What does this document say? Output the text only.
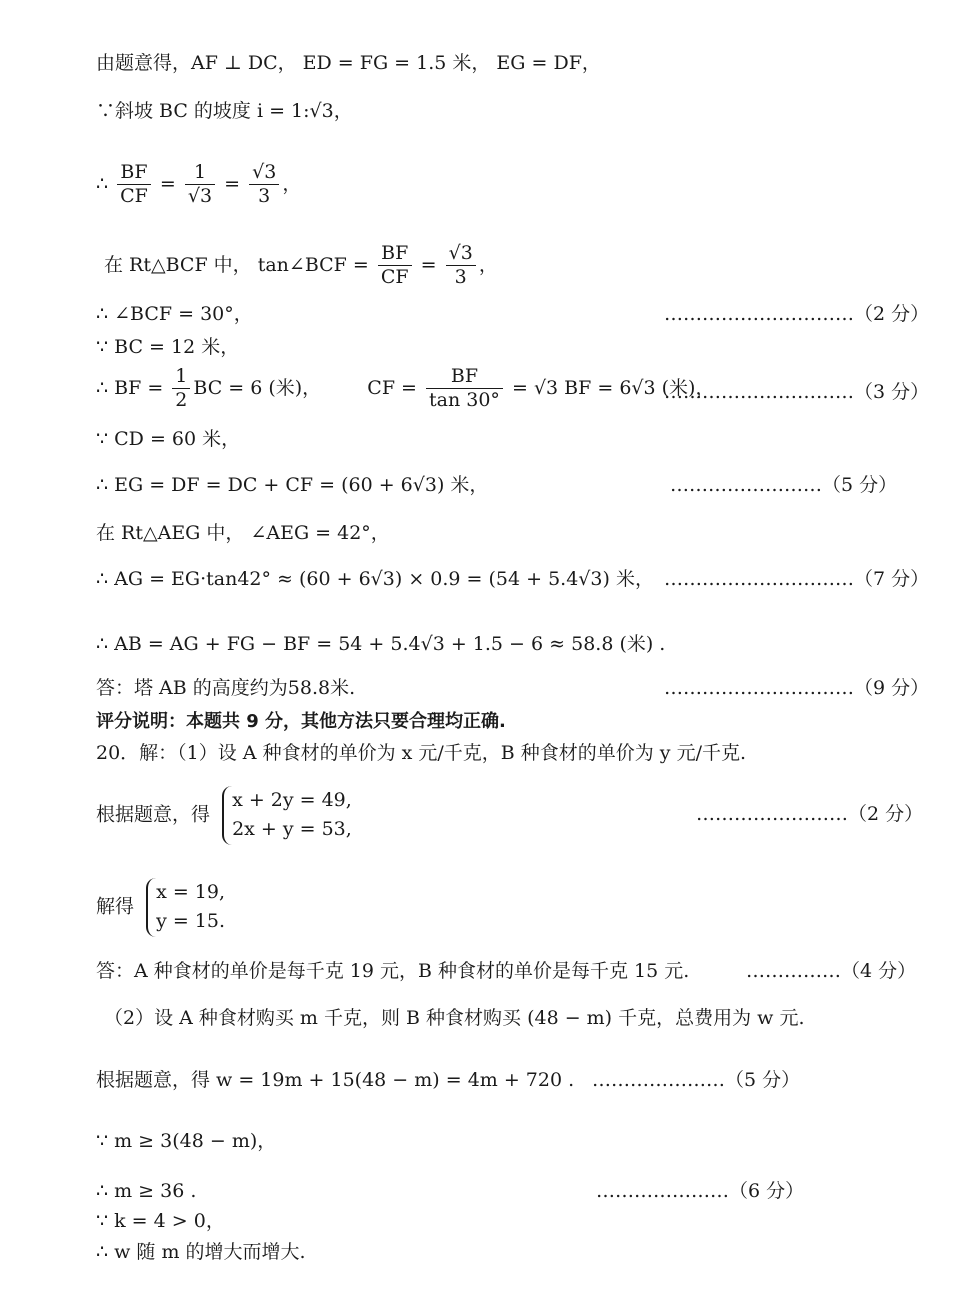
由题意得，AF ⊥ DC， ED = FG = 1.5 米， EG = DF，
∵斜坡 BC 的坡度 i = 1:√3，
∴ $\frac{BF}{CF} = \frac{1}{√3} = \frac{√3}{3}$ ，
在 Rt△BCF 中， tan∠BCF = $\frac{BF}{CF} = \frac{√3}{3}$ ，
∴ ∠BCF = 30°，	…………………………（2 分）
∵ BC = 12 米，
∴ BF = $\frac{1}{2}$ BC = 6 (米)， CF = $\frac{BF}{\tan 30^\circ} = √3$ BF = 6√3 (米)，
…………………………（3 分）
∵ CD = 60 米，
∴ EG = DF = DC + CF = (60 + 6√3) 米，	……………………（5 分）
在 Rt△AEG 中， ∠AEG = 42°，
∴ AG = EG·tan42° ≈ (60 + 6√3) × 0.9 = (54 + 5.4√3) 米， …………………………（7 分）
∴ AB = AG + FG − BF = 54 + 5.4√3 + 1.5 − 6 ≈ 58.8 (米) .
答：塔 AB 的高度约为58.8米.	…………………………（9 分）
评分说明：本题共 9 分，其他方法只要合理均正确.
20．解：（1）设 A 种食材的单价为 x 元/千克，B 种食材的单价为 y 元/千克.
根据题意，得
x + 2y = 49,
2x + y = 53,
……………………（2 分）
解得
x = 19,
y = 15.
答：A 种食材的单价是每千克 19 元，B 种食材的单价是每千克 15 元.	……………（4 分）
（2）设 A 种食材购买 m 千克，则 B 种食材购买 (48 − m) 千克，总费用为 w 元.
根据题意，得 w = 19m + 15(48 − m) = 4m + 720 . …………………（5 分）
∵ m ≥ 3(48 − m)，
∴ m ≥ 36 .	…………………（6 分）
∵ k = 4 > 0，
∴ w 随 m 的增大而增大.
